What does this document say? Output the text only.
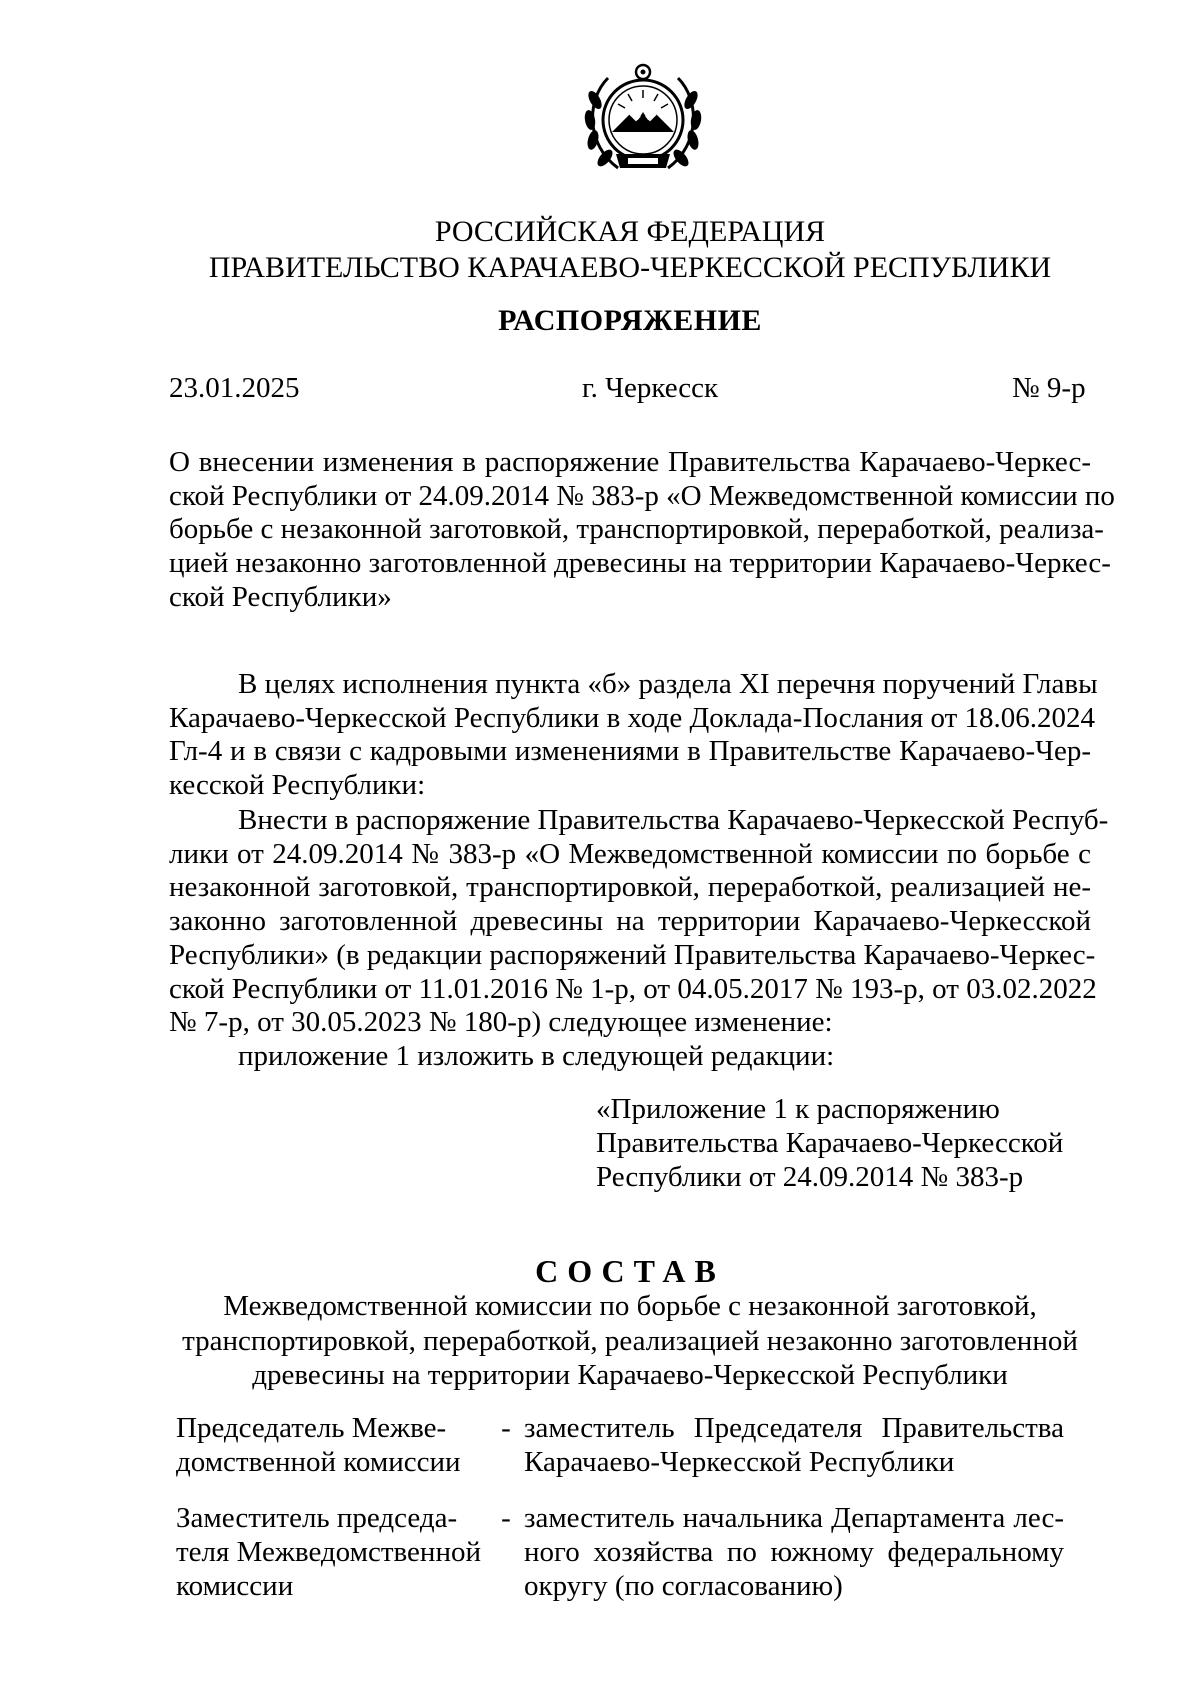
РОССИЙСКАЯ ФЕДЕРАЦИЯ
ПРАВИТЕЛЬСТВО КАРАЧАЕВО-ЧЕРКЕССКОЙ РЕСПУБЛИКИ
РАСПОРЯЖЕНИЕ
23.01.2025	г. Черкесск	№ 9-р
О внесении изменения в распоряжение Правительства Карачаево-Черкес-
ской Республики от 24.09.2014 № 383-р «О Межведомственной комиссии по
борьбе с незаконной заготовкой, транспортировкой, переработкой, реализа-
цией незаконно заготовленной древесины на территории Карачаево-Черкес-
ской Республики»
В целях исполнения пункта «б» раздела XI перечня поручений Главы
Карачаево-Черкесской Республики в ходе Доклада-Послания от 18.06.2024
Гл-4 и в связи с кадровыми изменениями в Правительстве Карачаево-Чер-
кесской Республики:
Внести в распоряжение Правительства Карачаево-Черкесской Респуб-
лики от 24.09.2014 № 383-р «О Межведомственной комиссии по борьбе с
незаконной заготовкой, транспортировкой, переработкой, реализацией не-
законно заготовленной древесины на территории Карачаево-Черкесской
Республики» (в редакции распоряжений Правительства Карачаево-Черкес-
ской Республики от 11.01.2016 № 1-р, от 04.05.2017 № 193-р, от 03.02.2022
№ 7-р, от 30.05.2023 № 180-р) следующее изменение:
приложение 1 изложить в следующей редакции:
«Приложение 1 к распоряжению
Правительства Карачаево-Черкесской
Республики от 24.09.2014 № 383-р
СОСТАВ
Межведомственной комиссии по борьбе с незаконной заготовкой,
транспортировкой, переработкой, реализацией незаконно заготовленной
древесины на территории Карачаево-Черкесской Республики
Председатель Межве-
домственной комиссии
- заместитель Председателя Правительства
Карачаево-Черкесской Республики
Заместитель председа-
теля Межведомственной
комиссии
- заместитель начальника Департамента лес-
ного хозяйства по южному федеральному
округу (по согласованию)
